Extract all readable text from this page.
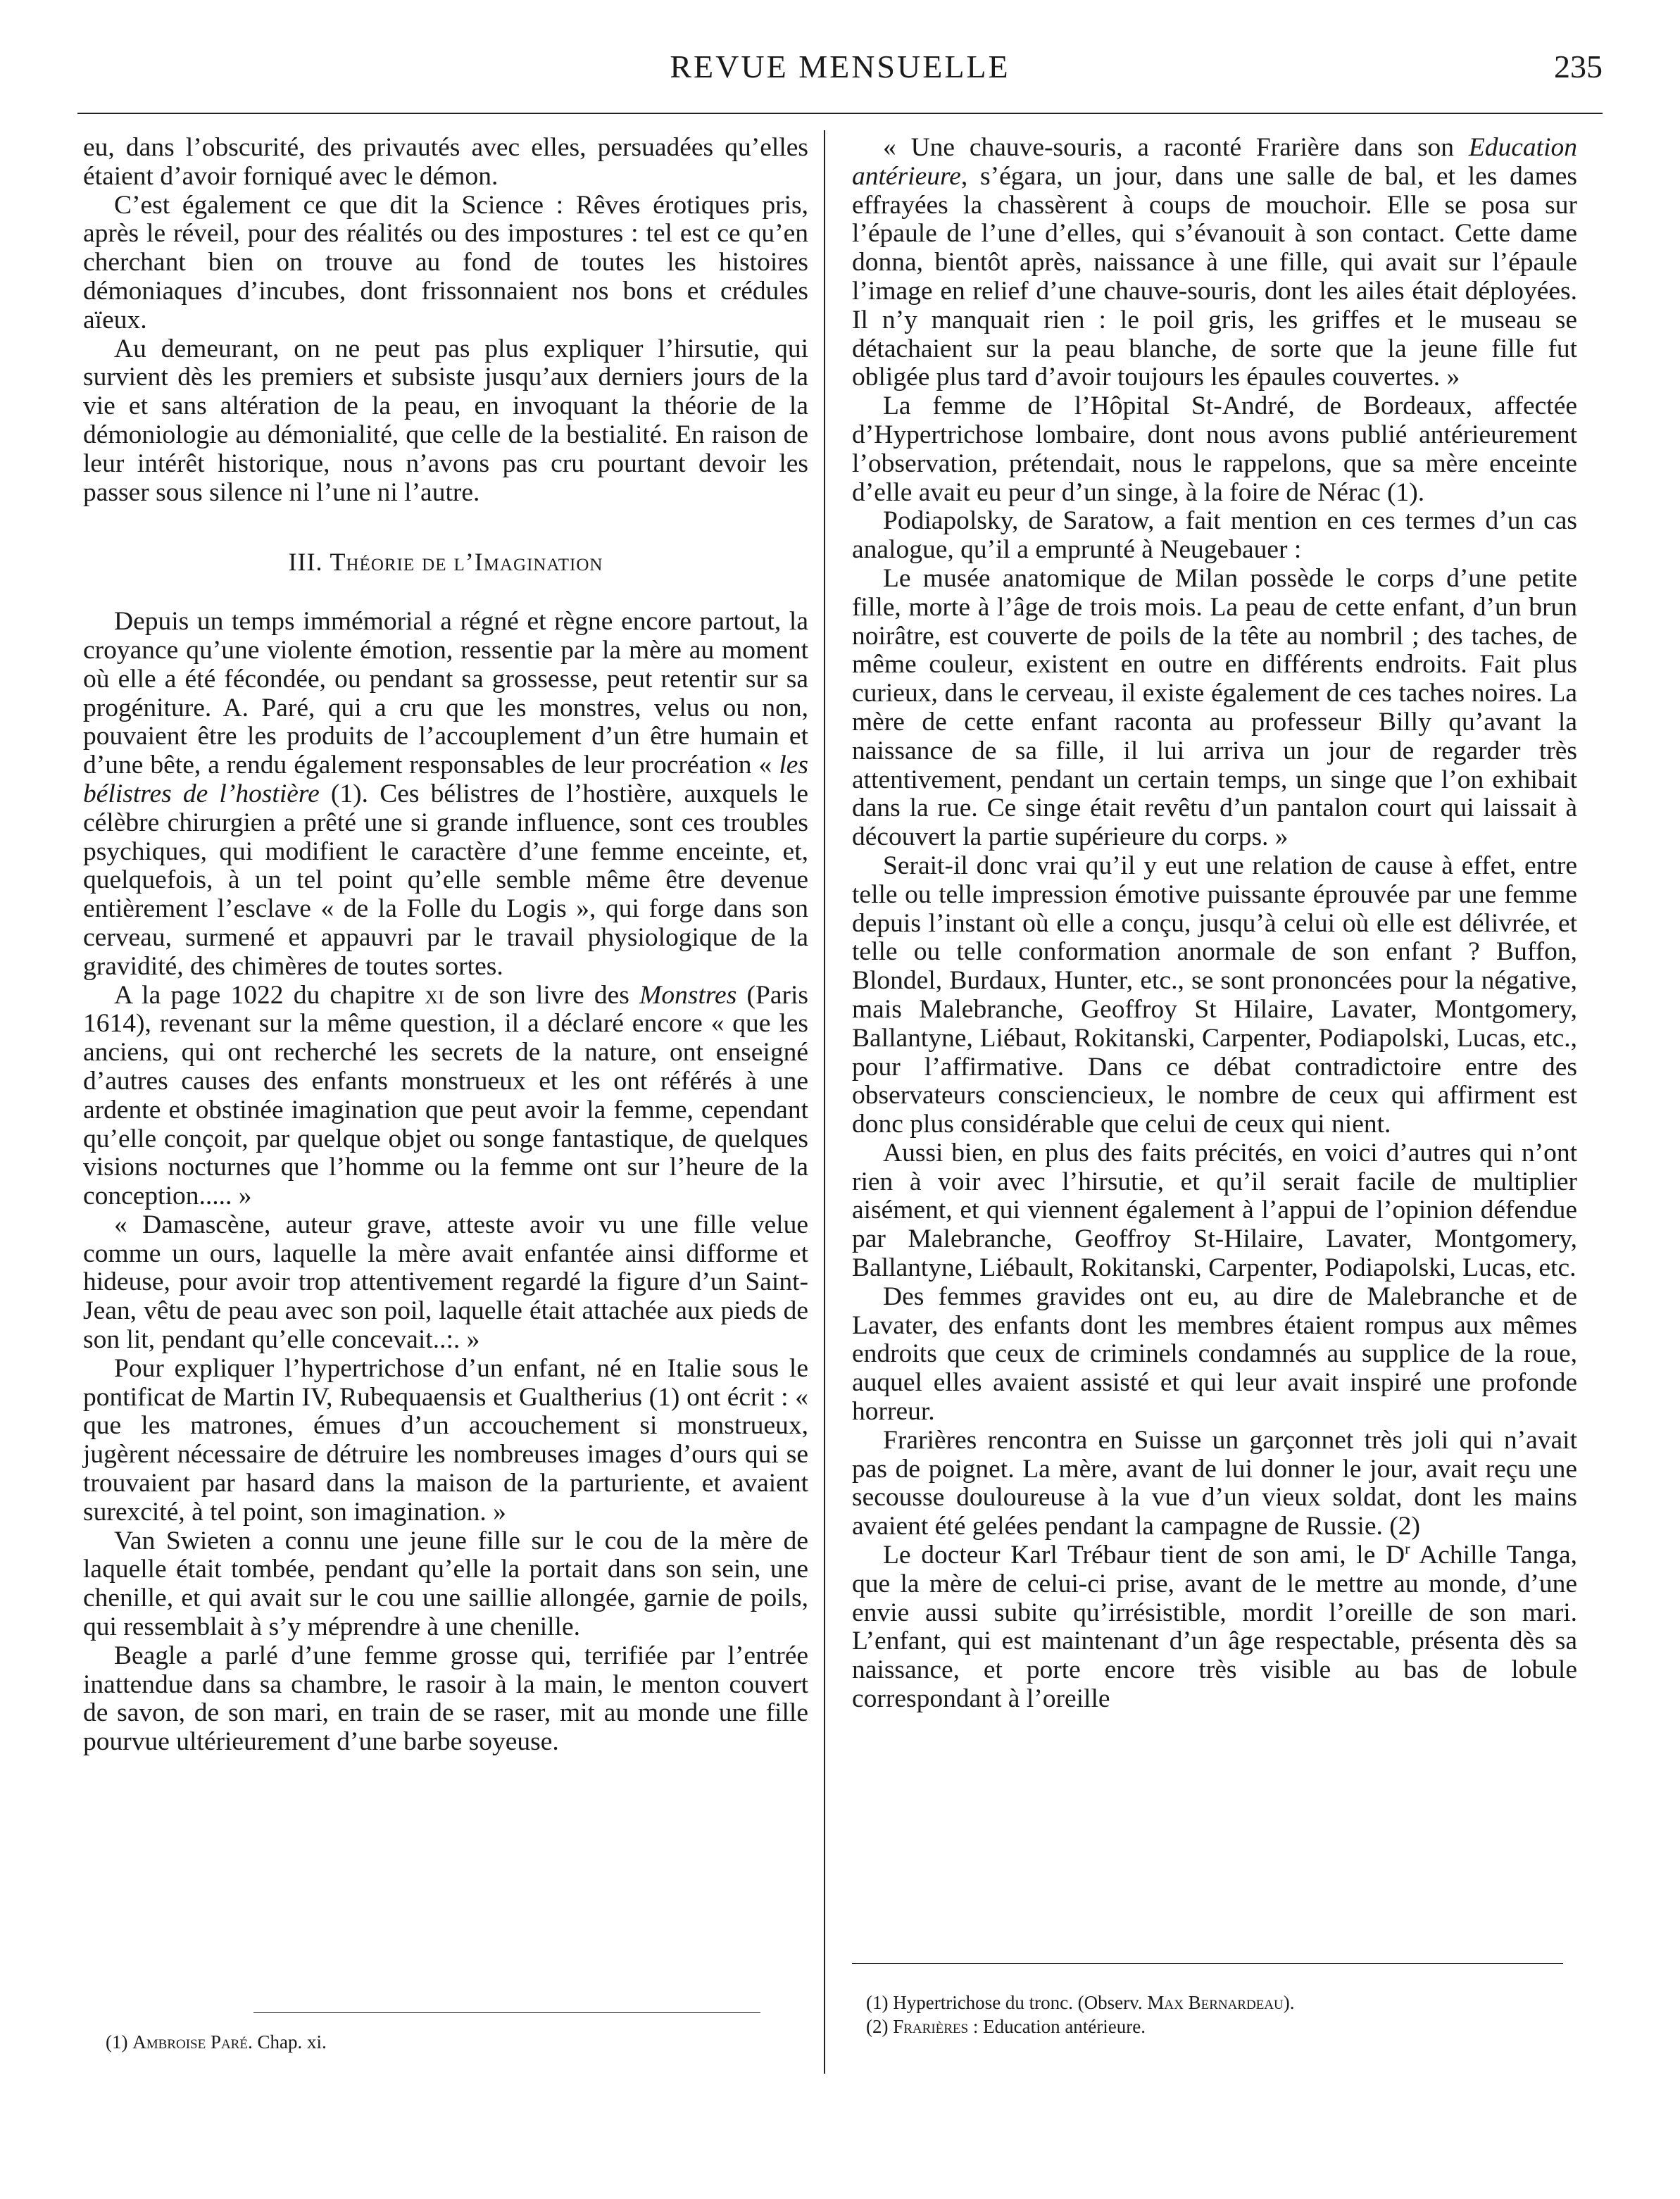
REVUE MENSUELLE	235

eu, dans l’obscurité, des privautés avec elles, persuadées qu’elles étaient d’avoir forniqué avec le démon.

C’est également ce que dit la Science : Rêves érotiques pris, après le réveil, pour des réalités ou des impostures : tel est ce qu’en cherchant bien on trouve au fond de toutes les histoires démoniaques d’incubes, dont frissonnaient nos bons et crédules aïeux.

Au demeurant, on ne peut pas plus expliquer l’hirsutie, qui survient dès les premiers et subsiste jusqu’aux derniers jours de la vie et sans altération de la peau, en invoquant la théorie de la démoniologie au démonialité, que celle de la bestialité. En raison de leur intérêt historique, nous n’avons pas cru pourtant devoir les passer sous silence ni l’une ni l’autre.

III. Théorie de l’Imagination

Depuis un temps immémorial a régné et règne encore partout, la croyance qu’une violente émotion, ressentie par la mère au moment où elle a été fécondée, ou pendant sa grossesse, peut retentir sur sa progéniture. A. Paré, qui a cru que les monstres, velus ou non, pouvaient être les produits de l’accouplement d’un être humain et d’une bête, a rendu également responsables de leur procréation « les bélistres de l’hostière (1). Ces bélistres de l’hostière, auxquels le célèbre chirurgien a prêté une si grande influence, sont ces troubles psychiques, qui modifient le caractère d’une femme enceinte, et, quelquefois, à un tel point qu’elle semble même être devenue entièrement l’esclave « de la Folle du Logis », qui forge dans son cerveau, surmené et appauvri par le travail physiologique de la gravidité, des chimères de toutes sortes.

A la page 1022 du chapitre xi de son livre des Monstres (Paris 1614), revenant sur la même question, il a déclaré encore « que les anciens, qui ont recherché les secrets de la nature, ont enseigné d’autres causes des enfants monstrueux et les ont référés à une ardente et obstinée imagination que peut avoir la femme, cependant qu’elle conçoit, par quelque objet ou songe fantastique, de quelques visions nocturnes que l’homme ou la femme ont sur l’heure de la conception..... »

« Damascène, auteur grave, atteste avoir vu une fille velue comme un ours, laquelle la mère avait enfantée ainsi difforme et hideuse, pour avoir trop attentivement regardé la figure d’un Saint-Jean, vêtu de peau avec son poil, laquelle était attachée aux pieds de son lit, pendant qu’elle concevait..:. »

Pour expliquer l’hypertrichose d’un enfant, né en Italie sous le pontificat de Martin IV, Rubequaensis et Gualtherius (1) ont écrit : « que les matrones, émues d’un accouchement si monstrueux, jugèrent nécessaire de détruire les nombreuses images d’ours qui se trouvaient par hasard dans la maison de la parturiente, et avaient surexcité, à tel point, son imagination. »

Van Swieten a connu une jeune fille sur le cou de la mère de laquelle était tombée, pendant qu’elle la portait dans son sein, une chenille, et qui avait sur le cou une saillie allongée, garnie de poils, qui ressemblait à s’y méprendre à une chenille.

Beagle a parlé d’une femme grosse qui, terrifiée par l’entrée inattendue dans sa chambre, le rasoir à la main, le menton couvert de savon, de son mari, en train de se raser, mit au monde une fille pourvue ultérieurement d’une barbe soyeuse.

(1) Ambroise Paré. Chap. xi.

« Une chauve-souris, a raconté Frarière dans son Education antérieure, s’égara, un jour, dans une salle de bal, et les dames effrayées la chassèrent à coups de mouchoir. Elle se posa sur l’épaule de l’une d’elles, qui s’évanouit à son contact. Cette dame donna, bientôt après, naissance à une fille, qui avait sur l’épaule l’image en relief d’une chauve-souris, dont les ailes était déployées. Il n’y manquait rien : le poil gris, les griffes et le museau se détachaient sur la peau blanche, de sorte que la jeune fille fut obligée plus tard d’avoir toujours les épaules couvertes. »

La femme de l’Hôpital St-André, de Bordeaux, affectée d’Hypertrichose lombaire, dont nous avons publié antérieurement l’observation, prétendait, nous le rappelons, que sa mère enceinte d’elle avait eu peur d’un singe, à la foire de Nérac (1).

Podiapolsky, de Saratow, a fait mention en ces termes d’un cas analogue, qu’il a emprunté à Neugebauer :

Le musée anatomique de Milan possède le corps d’une petite fille, morte à l’âge de trois mois. La peau de cette enfant, d’un brun noirâtre, est couverte de poils de la tête au nombril ; des taches, de même couleur, existent en outre en différents endroits. Fait plus curieux, dans le cerveau, il existe également de ces taches noires. La mère de cette enfant raconta au professeur Billy qu’avant la naissance de sa fille, il lui arriva un jour de regarder très attentivement, pendant un certain temps, un singe que l’on exhibait dans la rue. Ce singe était revêtu d’un pantalon court qui laissait à découvert la partie supérieure du corps. »

Serait-il donc vrai qu’il y eut une relation de cause à effet, entre telle ou telle impression émotive puissante éprouvée par une femme depuis l’instant où elle a conçu, jusqu’à celui où elle est délivrée, et telle ou telle conformation anormale de son enfant ? Buffon, Blondel, Burdaux, Hunter, etc., se sont prononcées pour la négative, mais Malebranche, Geoffroy St Hilaire, Lavater, Montgomery, Ballantyne, Liébaut, Rokitanski, Carpenter, Podiapolski, Lucas, etc., pour l’affirmative. Dans ce débat contradictoire entre des observateurs consciencieux, le nombre de ceux qui affirment est donc plus considérable que celui de ceux qui nient.

Aussi bien, en plus des faits précités, en voici d’autres qui n’ont rien à voir avec l’hirsutie, et qu’il serait facile de multiplier aisément, et qui viennent également à l’appui de l’opinion défendue par Malebranche, Geoffroy St-Hilaire, Lavater, Montgomery, Ballantyne, Liébault, Rokitanski, Carpenter, Podiapolski, Lucas, etc.

Des femmes gravides ont eu, au dire de Malebranche et de Lavater, des enfants dont les membres étaient rompus aux mêmes endroits que ceux de criminels condamnés au supplice de la roue, auquel elles avaient assisté et qui leur avait inspiré une profonde horreur.

Frarières rencontra en Suisse un garçonnet très joli qui n’avait pas de poignet. La mère, avant de lui donner le jour, avait reçu une secousse douloureuse à la vue d’un vieux soldat, dont les mains avaient été gelées pendant la campagne de Russie. (2)

Le docteur Karl Trébaur tient de son ami, le $D^r$ Achille Tanga, que la mère de celui-ci prise, avant de le mettre au monde, d’une envie aussi subite qu’irrésistible, mordit l’oreille de son mari. L’enfant, qui est maintenant d’un âge respectable, présenta dès sa naissance, et porte encore très visible au bas de lobule correspondant à l’oreille

(1) Hypertrichose du tronc. (Observ. Max Bernardeau).
(2) Frarières : Education antérieure.
